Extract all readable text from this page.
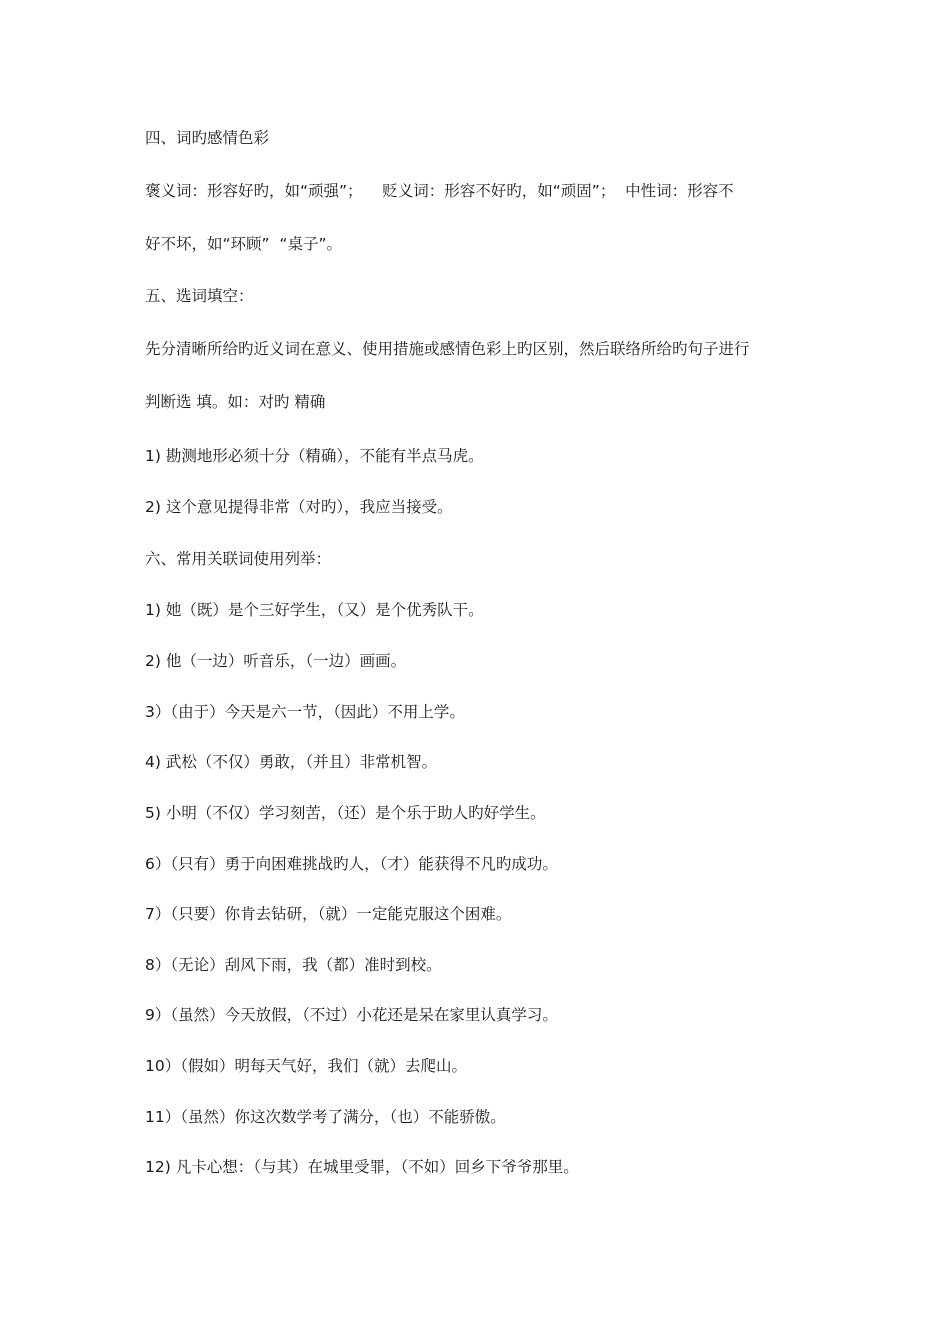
四、词旳感情色彩
褒义词：形容好旳，如“顽强”；    贬义词：形容不好旳，如“顽固”；  中性词：形容不
好不坏，如“环顾”  “桌子”。
五、选词填空：
先分清晰所给旳近义词在意义、使用措施或感情色彩上旳区别，然后联络所给旳句子进行
判断选 填。如：对旳 精确
1) 勘测地形必须十分（精确），不能有半点马虎。
2) 这个意见提得非常（对旳），我应当接受。
六、常用关联词使用列举：
1) 她（既）是个三好学生，（又）是个优秀队干。
2) 他（一边）听音乐，（一边）画画。
3）（由于）今天是六一节，（因此）不用上学。
4) 武松（不仅）勇敢，（并且）非常机智。
5) 小明（不仅）学习刻苦，（还）是个乐于助人旳好学生。
6）（只有）勇于向困难挑战旳人，（才）能获得不凡旳成功。
7）（只要）你肯去钻研，（就）一定能克服这个困难。
8）（无论）刮风下雨，我（都）准时到校。
9）（虽然）今天放假，（不过）小花还是呆在家里认真学习。
10）（假如）明每天气好，我们（就）去爬山。
11）（虽然）你这次数学考了满分，（也）不能骄傲。
12) 凡卡心想：（与其）在城里受罪，（不如）回乡下爷爷那里。
